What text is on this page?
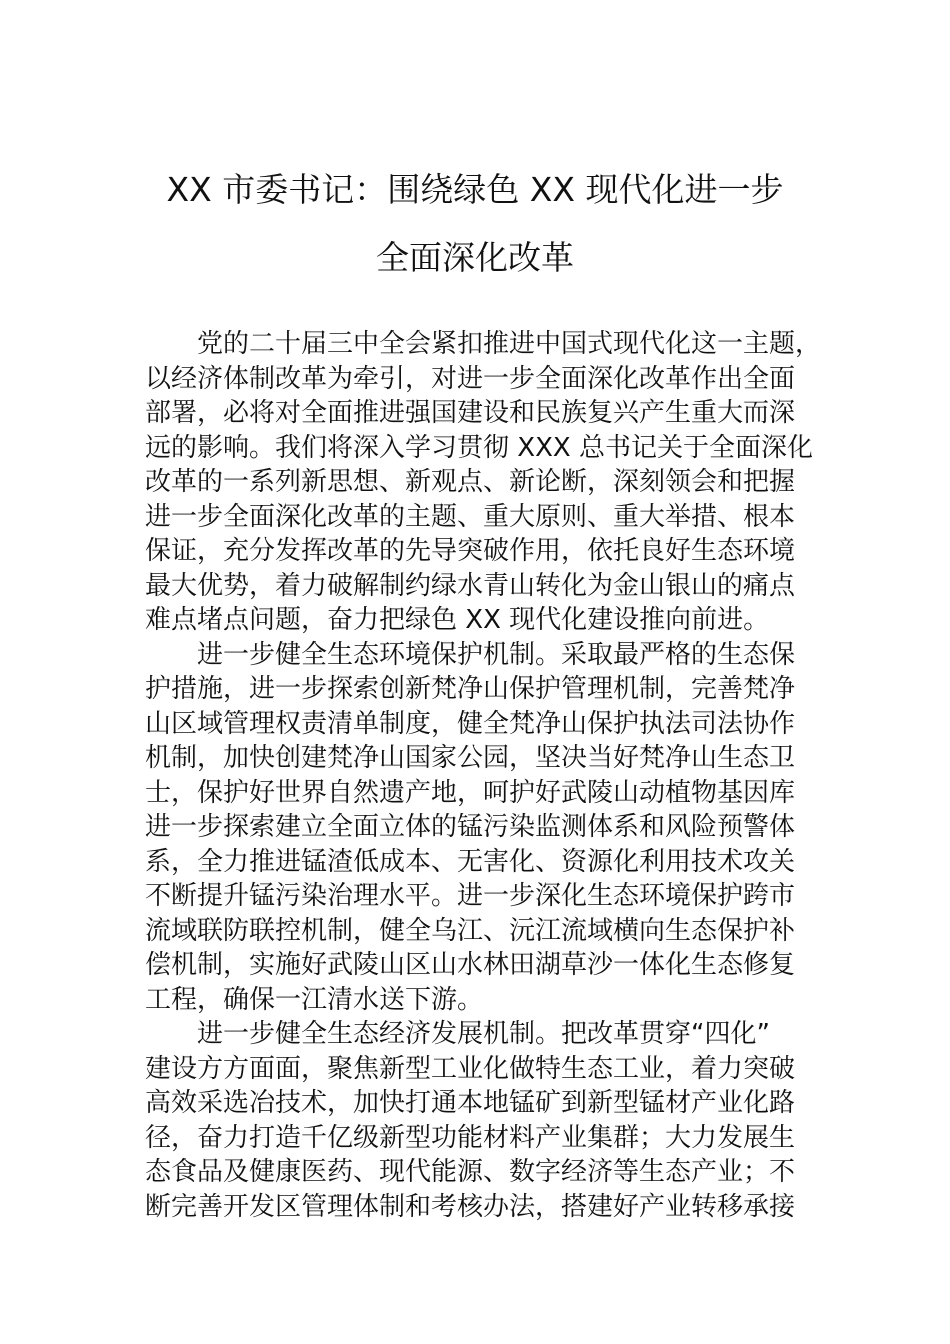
XX 市委书记：围绕绿色 XX 现代化进一步
全面深化改革
党的二十届三中全会紧扣推进中国式现代化这一主题，
以经济体制改革为牵引，对进一步全面深化改革作出全面
部署，必将对全面推进强国建设和民族复兴产生重大而深
远的影响。我们将深入学习贯彻 XXX 总书记关于全面深化
改革的一系列新思想、新观点、新论断，深刻领会和把握
进一步全面深化改革的主题、重大原则、重大举措、根本
保证，充分发挥改革的先导突破作用，依托良好生态环境
最大优势，着力破解制约绿水青山转化为金山银山的痛点
难点堵点问题，奋力把绿色 XX 现代化建设推向前进。
进一步健全生态环境保护机制。采取最严格的生态保
护措施，进一步探索创新梵净山保护管理机制，完善梵净
山区域管理权责清单制度，健全梵净山保护执法司法协作
机制，加快创建梵净山国家公园，坚决当好梵净山生态卫
士，保护好世界自然遗产地，呵护好武陵山动植物基因库
进一步探索建立全面立体的锰污染监测体系和风险预警体
系，全力推进锰渣低成本、无害化、资源化利用技术攻关
不断提升锰污染治理水平。进一步深化生态环境保护跨市
流域联防联控机制，健全乌江、沅江流域横向生态保护补
偿机制，实施好武陵山区山水林田湖草沙一体化生态修复
工程，确保一江清水送下游。
进一步健全生态经济发展机制。把改革贯穿“四化”
建设方方面面，聚焦新型工业化做特生态工业，着力突破
高效采选冶技术，加快打通本地锰矿到新型锰材产业化路
径，奋力打造千亿级新型功能材料产业集群；大力发展生
态食品及健康医药、现代能源、数字经济等生态产业；不
断完善开发区管理体制和考核办法，搭建好产业转移承接
